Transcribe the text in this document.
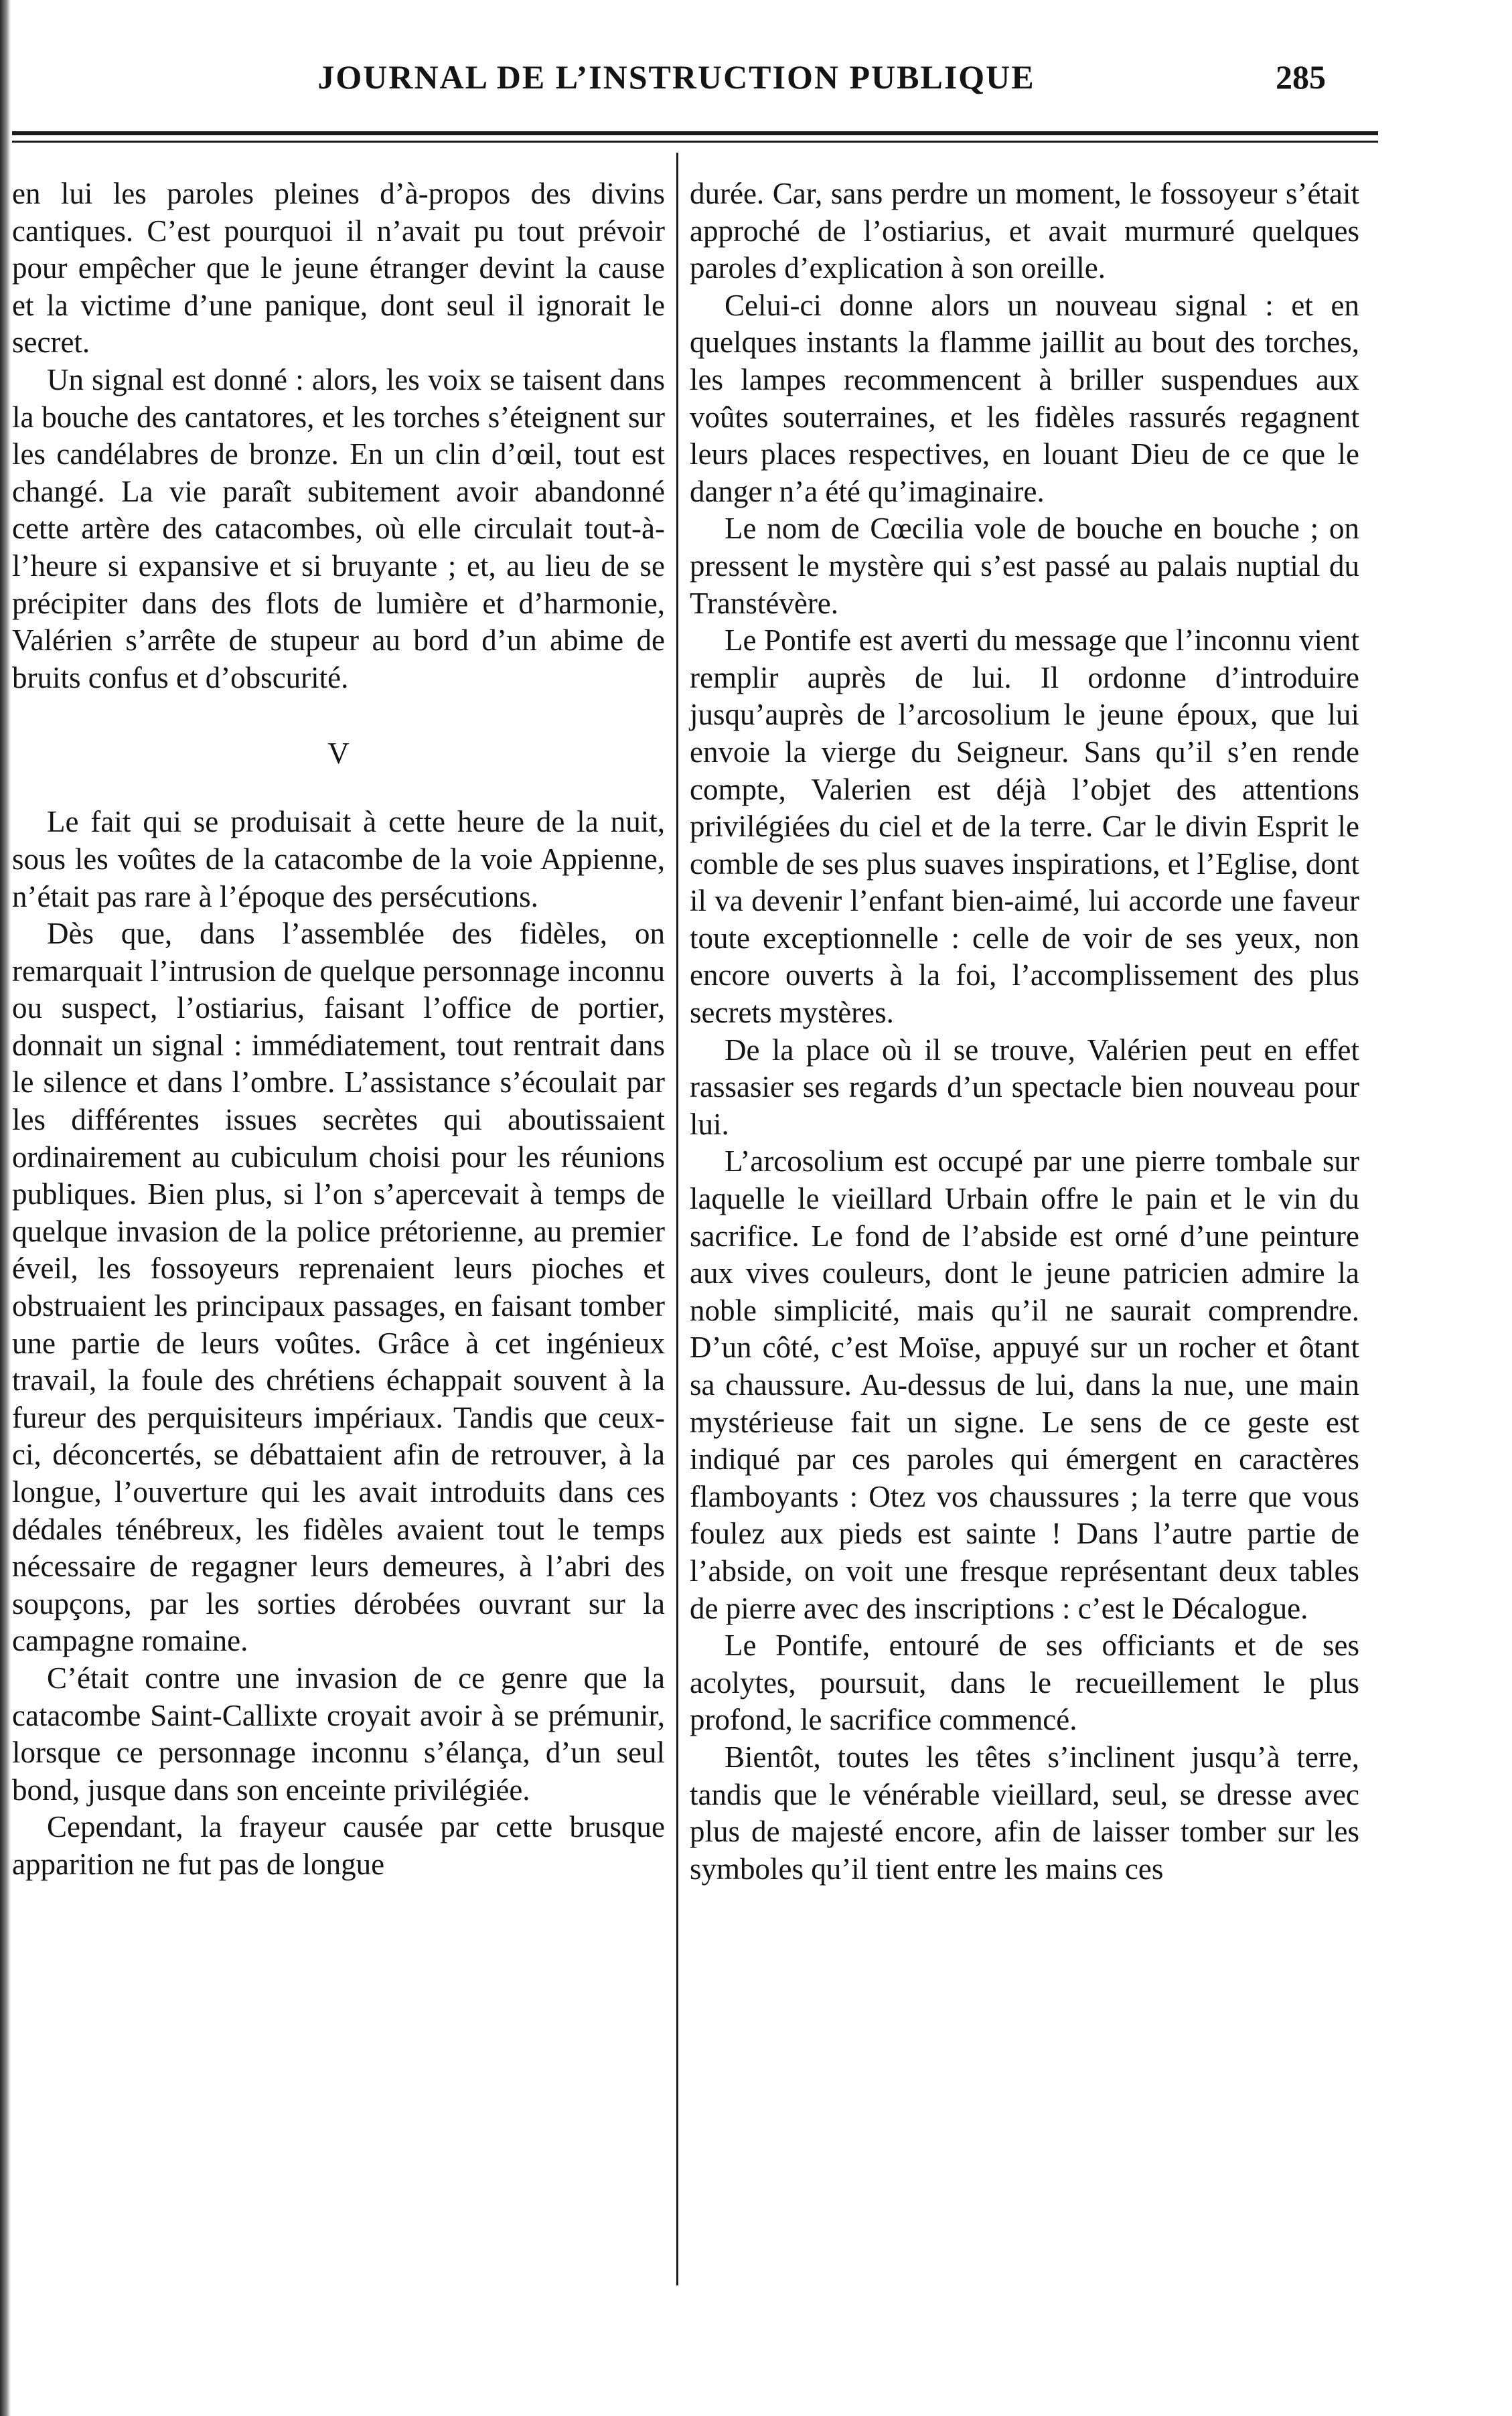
JOURNAL DE L’INSTRUCTION PUBLIQUE	285

en lui les paroles pleines d’à-propos des divins cantiques. C’est pourquoi il n’avait pu tout prévoir pour empêcher que le jeune étranger devint la cause et la victime d’une panique, dont seul il ignorait le secret.

Un signal est donné : alors, les voix se taisent dans la bouche des cantatores, et les torches s’éteignent sur les candélabres de bronze. En un clin d’œil, tout est changé. La vie paraît subitement avoir abandonné cette artère des catacombes, où elle circulait tout-à-l’heure si expansive et si bruyante ; et, au lieu de se précipiter dans des flots de lumière et d’harmonie, Valérien s’arrête de stupeur au bord d’un abime de bruits confus et d’obscurité.

V

Le fait qui se produisait à cette heure de la nuit, sous les voûtes de la catacombe de la voie Appienne, n’était pas rare à l’époque des persécutions.

Dès que, dans l’assemblée des fidèles, on remarquait l’intrusion de quelque personnage inconnu ou suspect, l’ostiarius, faisant l’office de portier, donnait un signal : immédiatement, tout rentrait dans le silence et dans l’ombre. L’assistance s’écoulait par les différentes issues secrètes qui aboutissaient ordinairement au cubiculum choisi pour les réunions publiques. Bien plus, si l’on s’apercevait à temps de quelque invasion de la police prétorienne, au premier éveil, les fossoyeurs reprenaient leurs pioches et obstruaient les principaux passages, en faisant tomber une partie de leurs voûtes. Grâce à cet ingénieux travail, la foule des chrétiens échappait souvent à la fureur des perquisiteurs impériaux. Tandis que ceux-ci, déconcertés, se débattaient afin de retrouver, à la longue, l’ouverture qui les avait introduits dans ces dédales ténébreux, les fidèles avaient tout le temps nécessaire de regagner leurs demeures, à l’abri des soupçons, par les sorties dérobées ouvrant sur la campagne romaine.

C’était contre une invasion de ce genre que la catacombe Saint-Callixte croyait avoir à se prémunir, lorsque ce personnage inconnu s’élança, d’un seul bond, jusque dans son enceinte privilégiée.

Cependant, la frayeur causée par cette brusque apparition ne fut pas de longue

durée. Car, sans perdre un moment, le fossoyeur s’était approché de l’ostiarius, et avait murmuré quelques paroles d’explication à son oreille.

Celui-ci donne alors un nouveau signal : et en quelques instants la flamme jaillit au bout des torches, les lampes recommencent à briller suspendues aux voûtes souterraines, et les fidèles rassurés regagnent leurs places respectives, en louant Dieu de ce que le danger n’a été qu’imaginaire.

Le nom de Cœcilia vole de bouche en bouche ; on pressent le mystère qui s’est passé au palais nuptial du Transtévère.

Le Pontife est averti du message que l’inconnu vient remplir auprès de lui. Il ordonne d’introduire jusqu’auprès de l’arcosolium le jeune époux, que lui envoie la vierge du Seigneur. Sans qu’il s’en rende compte, Valerien est déjà l’objet des attentions privilégiées du ciel et de la terre. Car le divin Esprit le comble de ses plus suaves inspirations, et l’Eglise, dont il va devenir l’enfant bien-aimé, lui accorde une faveur toute exceptionnelle : celle de voir de ses yeux, non encore ouverts à la foi, l’accomplissement des plus secrets mystères.

De la place où il se trouve, Valérien peut en effet rassasier ses regards d’un spectacle bien nouveau pour lui.

L’arcosolium est occupé par une pierre tombale sur laquelle le vieillard Urbain offre le pain et le vin du sacrifice. Le fond de l’abside est orné d’une peinture aux vives couleurs, dont le jeune patricien admire la noble simplicité, mais qu’il ne saurait comprendre. D’un côté, c’est Moïse, appuyé sur un rocher et ôtant sa chaussure. Au-dessus de lui, dans la nue, une main mystérieuse fait un signe. Le sens de ce geste est indiqué par ces paroles qui émergent en caractères flamboyants : Otez vos chaussures ; la terre que vous foulez aux pieds est sainte ! Dans l’autre partie de l’abside, on voit une fresque représentant deux tables de pierre avec des inscriptions : c’est le Décalogue.

Le Pontife, entouré de ses officiants et de ses acolytes, poursuit, dans le recueillement le plus profond, le sacrifice commencé.

Bientôt, toutes les têtes s’inclinent jusqu’à terre, tandis que le vénérable vieillard, seul, se dresse avec plus de majesté encore, afin de laisser tomber sur les symboles qu’il tient entre les mains ces
